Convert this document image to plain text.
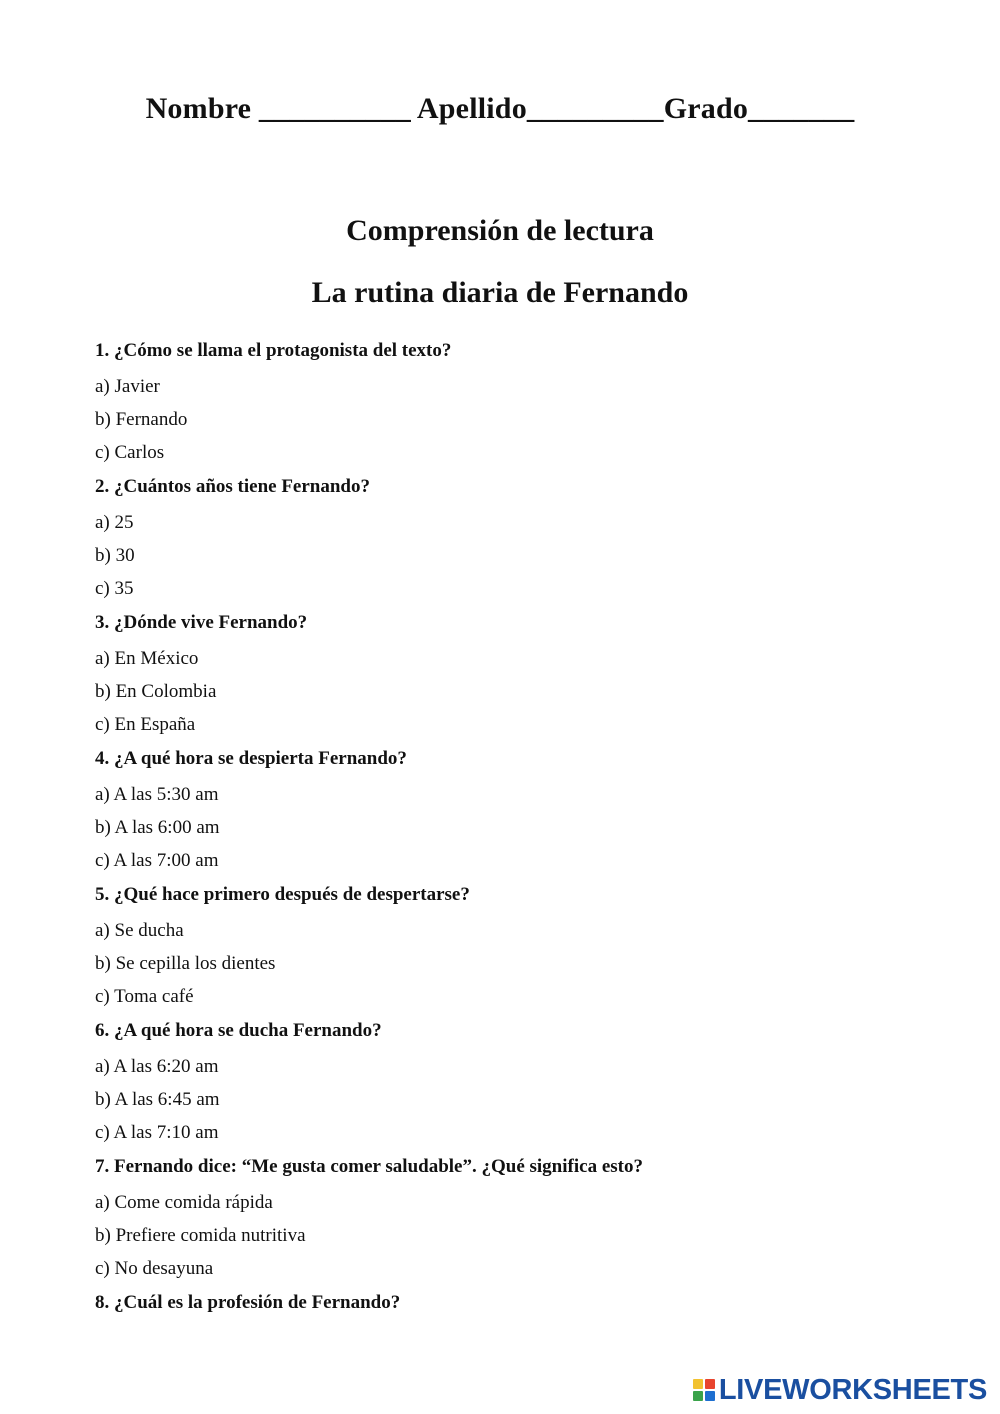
Nombre __________ Apellido_________Grado_______
Comprensión de lectura
La rutina diaria de Fernando
1. ¿Cómo se llama el protagonista del texto?
a) Javier
b) Fernando
c) Carlos
2. ¿Cuántos años tiene Fernando?
a) 25
b) 30
c) 35
3. ¿Dónde vive Fernando?
a) En México
b) En Colombia
c) En España
4. ¿A qué hora se despierta Fernando?
a) A las 5:30 am
b) A las 6:00 am
c) A las 7:00 am
5. ¿Qué hace primero después de despertarse?
a) Se ducha
b) Se cepilla los dientes
c) Toma café
6. ¿A qué hora se ducha Fernando?
a) A las 6:20 am
b) A las 6:45 am
c) A las 7:10 am
7. Fernando dice: “Me gusta comer saludable”. ¿Qué significa esto?
a) Come comida rápida
b) Prefiere comida nutritiva
c) No desayuna
8. ¿Cuál es la profesión de Fernando?
LIVEWORKSHEETS
